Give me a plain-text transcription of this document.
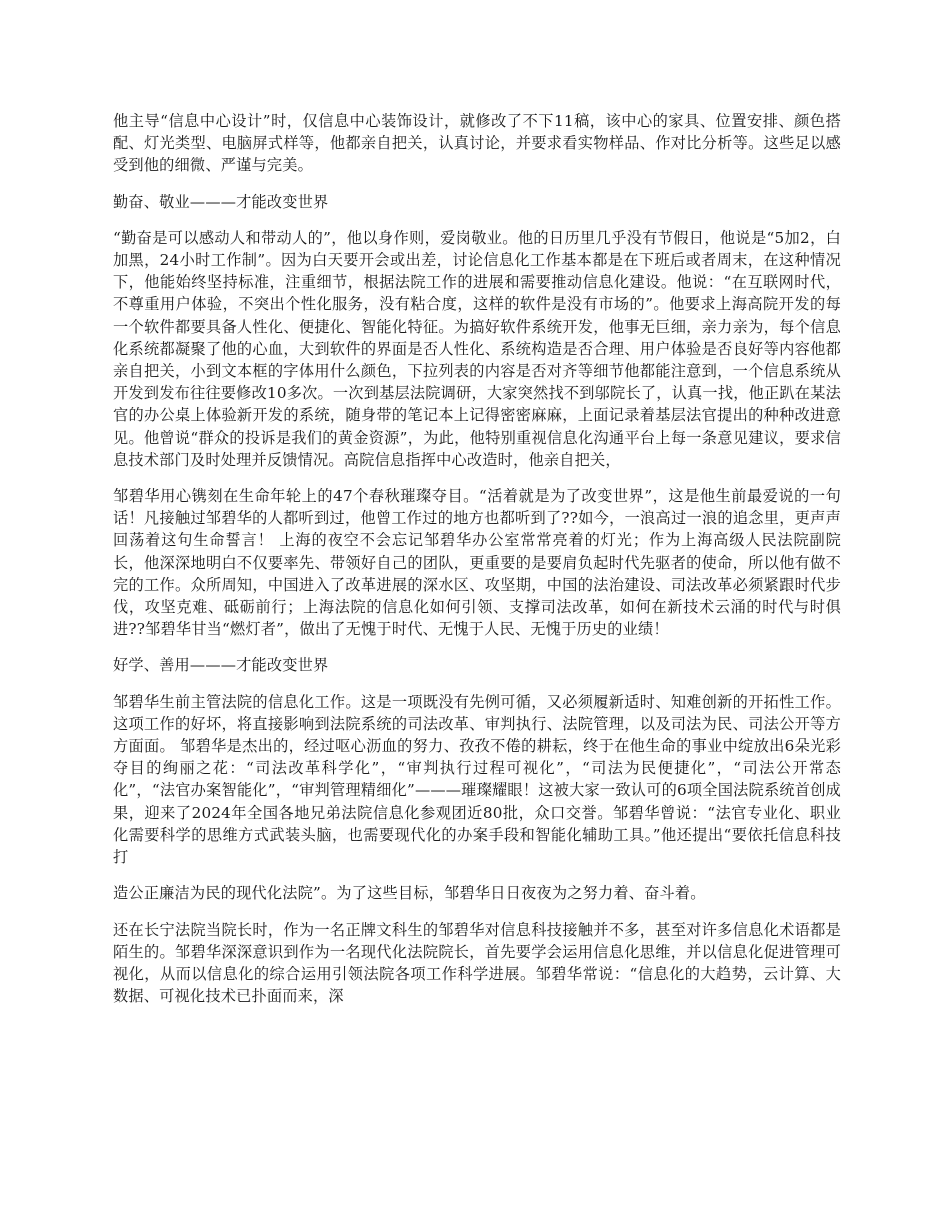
他主导“信息中心设计”时，仅信息中心装饰设计，就修改了不下11稿，该中心的家具、位置安排、颜色搭配、灯光类型、电脑屏式样等，他都亲自把关，认真讨论，并要求看实物样品、作对比分析等。这些足以感受到他的细微、严谨与完美。

勤奋、敬业———才能改变世界

“勤奋是可以感动人和带动人的”，他以身作则，爱岗敬业。他的日历里几乎没有节假日，他说是“5加2，白加黑，24小时工作制”。因为白天要开会或出差，讨论信息化工作基本都是在下班后或者周末，在这种情况下，他能始终坚持标准，注重细节，根据法院工作的进展和需要推动信息化建设。他说：“在互联网时代，不尊重用户体验，不突出个性化服务，没有粘合度，这样的软件是没有市场的”。他要求上海高院开发的每一个软件都要具备人性化、便捷化、智能化特征。为搞好软件系统开发，他事无巨细，亲力亲为，每个信息化系统都凝聚了他的心血，大到软件的界面是否人性化、系统构造是否合理、用户体验是否良好等内容他都亲自把关，小到文本框的字体用什么颜色，下拉列表的内容是否对齐等细节他都能注意到，一个信息系统从开发到发布往往要修改10多次。一次到基层法院调研，大家突然找不到邬院长了，认真一找，他正趴在某法官的办公桌上体验新开发的系统，随身带的笔记本上记得密密麻麻，上面记录着基层法官提出的种种改进意见。他曾说“群众的投诉是我们的黄金资源”，为此，他特别重视信息化沟通平台上每一条意见建议，要求信息技术部门及时处理并反馈情况。高院信息指挥中心改造时，他亲自把关，

邹碧华用心镌刻在生命年轮上的47个春秋璀璨夺目。“活着就是为了改变世界”，这是他生前最爱说的一句话！凡接触过邹碧华的人都听到过，他曾工作过的地方也都听到了??如今，一浪高过一浪的追念里，更声声回荡着这句生命誓言！ 上海的夜空不会忘记邹碧华办公室常常亮着的灯光；作为上海高级人民法院副院长，他深深地明白不仅要率先、带领好自己的团队，更重要的是要肩负起时代先驱者的使命，所以他有做不完的工作。众所周知，中国进入了改革进展的深水区、攻坚期，中国的法治建设、司法改革必须紧跟时代步伐，攻坚克难、砥砺前行；上海法院的信息化如何引领、支撑司法改革，如何在新技术云涌的时代与时俱进??邹碧华甘当“燃灯者”，做出了无愧于时代、无愧于人民、无愧于历史的业绩！

好学、善用———才能改变世界

邹碧华生前主管法院的信息化工作。这是一项既没有先例可循，又必须履新适时、知难创新的开拓性工作。这项工作的好坏，将直接影响到法院系统的司法改革、审判执行、法院管理，以及司法为民、司法公开等方方面面。 邹碧华是杰出的，经过呕心沥血的努力、孜孜不倦的耕耘，终于在他生命的事业中绽放出6朵光彩夺目的绚丽之花：“司法改革科学化”，“审判执行过程可视化”，“司法为民便捷化”，“司法公开常态化”，“法官办案智能化”，“审判管理精细化”———璀璨耀眼！这被大家一致认可的6项全国法院系统首创成果，迎来了2024年全国各地兄弟法院信息化参观团近80批，众口交誉。邹碧华曾说：“法官专业化、职业化需要科学的思维方式武装头脑，也需要现代化的办案手段和智能化辅助工具。”他还提出“要依托信息科技打

造公正廉洁为民的现代化法院”。为了这些目标，邹碧华日日夜夜为之努力着、奋斗着。

还在长宁法院当院长时，作为一名正牌文科生的邹碧华对信息科技接触并不多，甚至对许多信息化术语都是陌生的。邹碧华深深意识到作为一名现代化法院院长，首先要学会运用信息化思维，并以信息化促进管理可视化，从而以信息化的综合运用引领法院各项工作科学进展。邹碧华常说：“信息化的大趋势，云计算、大数据、可视化技术已扑面而来，深
